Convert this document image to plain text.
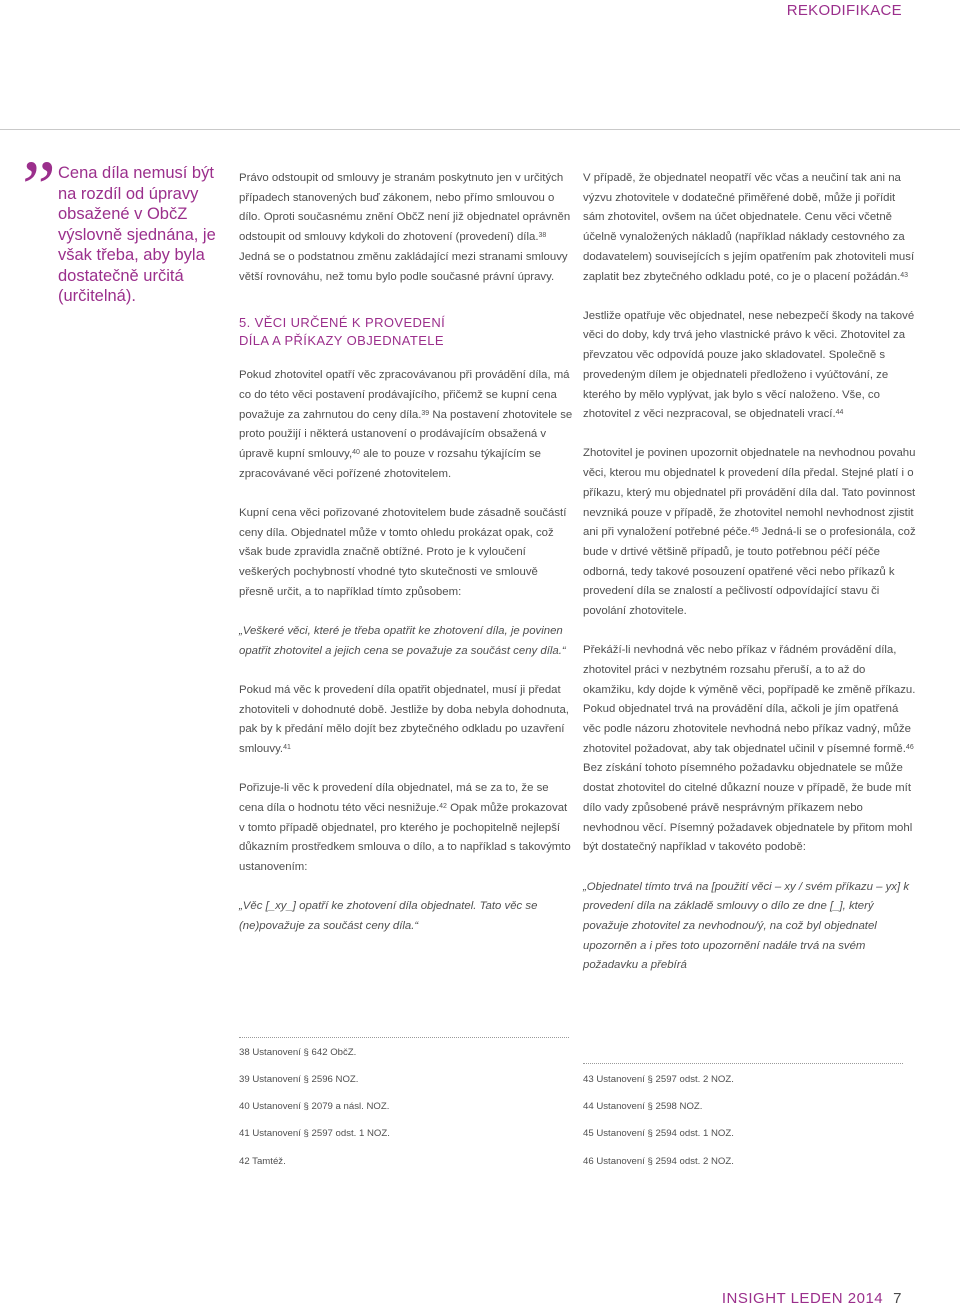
REKODIFIKACE
” Cena díla nemusí být na rozdíl od úpravy obsažené v ObčZ výslovně sjednána, je však třeba, aby byla dostatečně určitá (určitelná).

Právo odstoupit od smlouvy je stranám poskytnuto jen v určitých případech stanovených buď zákonem, nebo přímo smlouvou o dílo. Oproti současnému znění ObčZ není již objednatel oprávněn odstoupit od smlouvy kdykoli do zhotovení (provedení) díla.$^{38}$ Jedná se o podstatnou změnu zakládající mezi stranami smlouvy větší rovnováhu, než tomu bylo podle současné právní úpravy.

5. VĚCI URČENÉ K PROVEDENÍ
DÍLA A PŘÍKAZY OBJEDNATELE

Pokud zhotovitel opatří věc zpracovávanou při provádění díla, má co do této věci postavení prodávajícího, přičemž se kupní cena považuje za zahrnutou do ceny díla.$^{39}$ Na postavení zhotovitele se proto použijí i některá ustanovení o prodávajícím obsažená v úpravě kupní smlouvy,$^{40}$ ale to pouze v rozsahu týkajícím se zpracovávané věci pořízené zhotovitelem.

Kupní cena věci pořizované zhotovitelem bude zásadně součástí ceny díla. Objednatel může v tomto ohledu prokázat opak, což však bude zpravidla značně obtížné. Proto je k vyloučení veškerých pochybností vhodné tyto skutečnosti ve smlouvě přesně určit, a to například tímto způsobem:

„Veškeré věci, které je třeba opatřit ke zhotovení díla, je povinen opatřit zhotovitel a jejich cena se považuje za součást ceny díla.“

Pokud má věc k provedení díla opatřit objednatel, musí ji předat zhotoviteli v dohodnuté době. Jestliže by doba nebyla dohodnuta, pak by k předání mělo dojít bez zbytečného odkladu po uzavření smlouvy.$^{41}$

Pořizuje-li věc k provedení díla objednatel, má se za to, že se cena díla o hodnotu této věci nesnižuje.$^{42}$ Opak může prokazovat v tomto případě objednatel, pro kterého je pochopitelně nejlepší důkazním prostředkem smlouva o dílo, a to například s takovýmto ustanovením:

„Věc [_xy_] opatří ke zhotovení díla objednatel. Tato věc se (ne)považuje za součást ceny díla.“

V případě, že objednatel neopatří věc včas a neučiní tak ani na výzvu zhotovitele v dodatečné přiměřené době, může ji pořídit sám zhotovitel, ovšem na účet objednatele. Cenu věci včetně účelně vynaložených nákladů (například náklady cestovného za dodavatelem) souvisejících s jejím opatřením pak zhotoviteli musí zaplatit bez zbytečného odkladu poté, co je o placení požádán.$^{43}$

Jestliže opatřuje věc objednatel, nese nebezpečí škody na takové věci do doby, kdy trvá jeho vlastnické právo k věci. Zhotovitel za převzatou věc odpovídá pouze jako skladovatel. Společně s provedeným dílem je objednateli předloženo i vyúčtování, ze kterého by mělo vyplývat, jak bylo s věcí naloženo. Vše, co zhotovitel z věci nezpracoval, se objednateli vrací.$^{44}$

Zhotovitel je povinen upozornit objednatele na nevhodnou povahu věci, kterou mu objednatel k provedení díla předal. Stejné platí i o příkazu, který mu objednatel při provádění díla dal. Tato povinnost nevzniká pouze v případě, že zhotovitel nemohl nevhodnost zjistit ani při vynaložení potřebné péče.$^{45}$ Jedná-li se o profesionála, což bude v drtivé většině případů, je touto potřebnou péčí péče odborná, tedy takové posouzení opatřené věci nebo příkazů k provedení díla se znalostí a pečlivostí odpovídající stavu či povolání zhotovitele.

Překáží-li nevhodná věc nebo příkaz v řádném provádění díla, zhotovitel práci v nezbytném rozsahu přeruší, a to až do okamžiku, kdy dojde k výměně věci, popřípadě ke změně příkazu. Pokud objednatel trvá na provádění díla, ačkoli je jím opatřená věc podle názoru zhotovitele nevhodná nebo příkaz vadný, může zhotovitel požadovat, aby tak objednatel učinil v písemné formě.$^{46}$ Bez získání tohoto písemného požadavku objednatele se může dostat zhotovitel do citelné důkazní nouze v případě, že bude mít dílo vady způsobené právě nesprávným příkazem nebo nevhodnou věcí. Písemný požadavek objednatele by přitom mohl být dostatečný například v takovéto podobě:

„Objednatel tímto trvá na [použití věci – xy / svém příkazu – yx] k provedení díla na základě smlouvy o dílo ze dne [_], který považuje zhotovitel za nevhodnou/ý, na což byl objednatel upozorněn a i přes toto upozornění nadále trvá na svém požadavku a přebírá

38 Ustanovení § 642 ObčZ.
39 Ustanovení § 2596 NOZ.
40 Ustanovení § 2079 a násl. NOZ.
41 Ustanovení § 2597 odst. 1 NOZ.
42 Tamtéž.
43 Ustanovení § 2597 odst. 2 NOZ.
44 Ustanovení § 2598 NOZ.
45 Ustanovení § 2594 odst. 1 NOZ.
46 Ustanovení § 2594 odst. 2 NOZ.
INSIGHT LEDEN 2014 7
